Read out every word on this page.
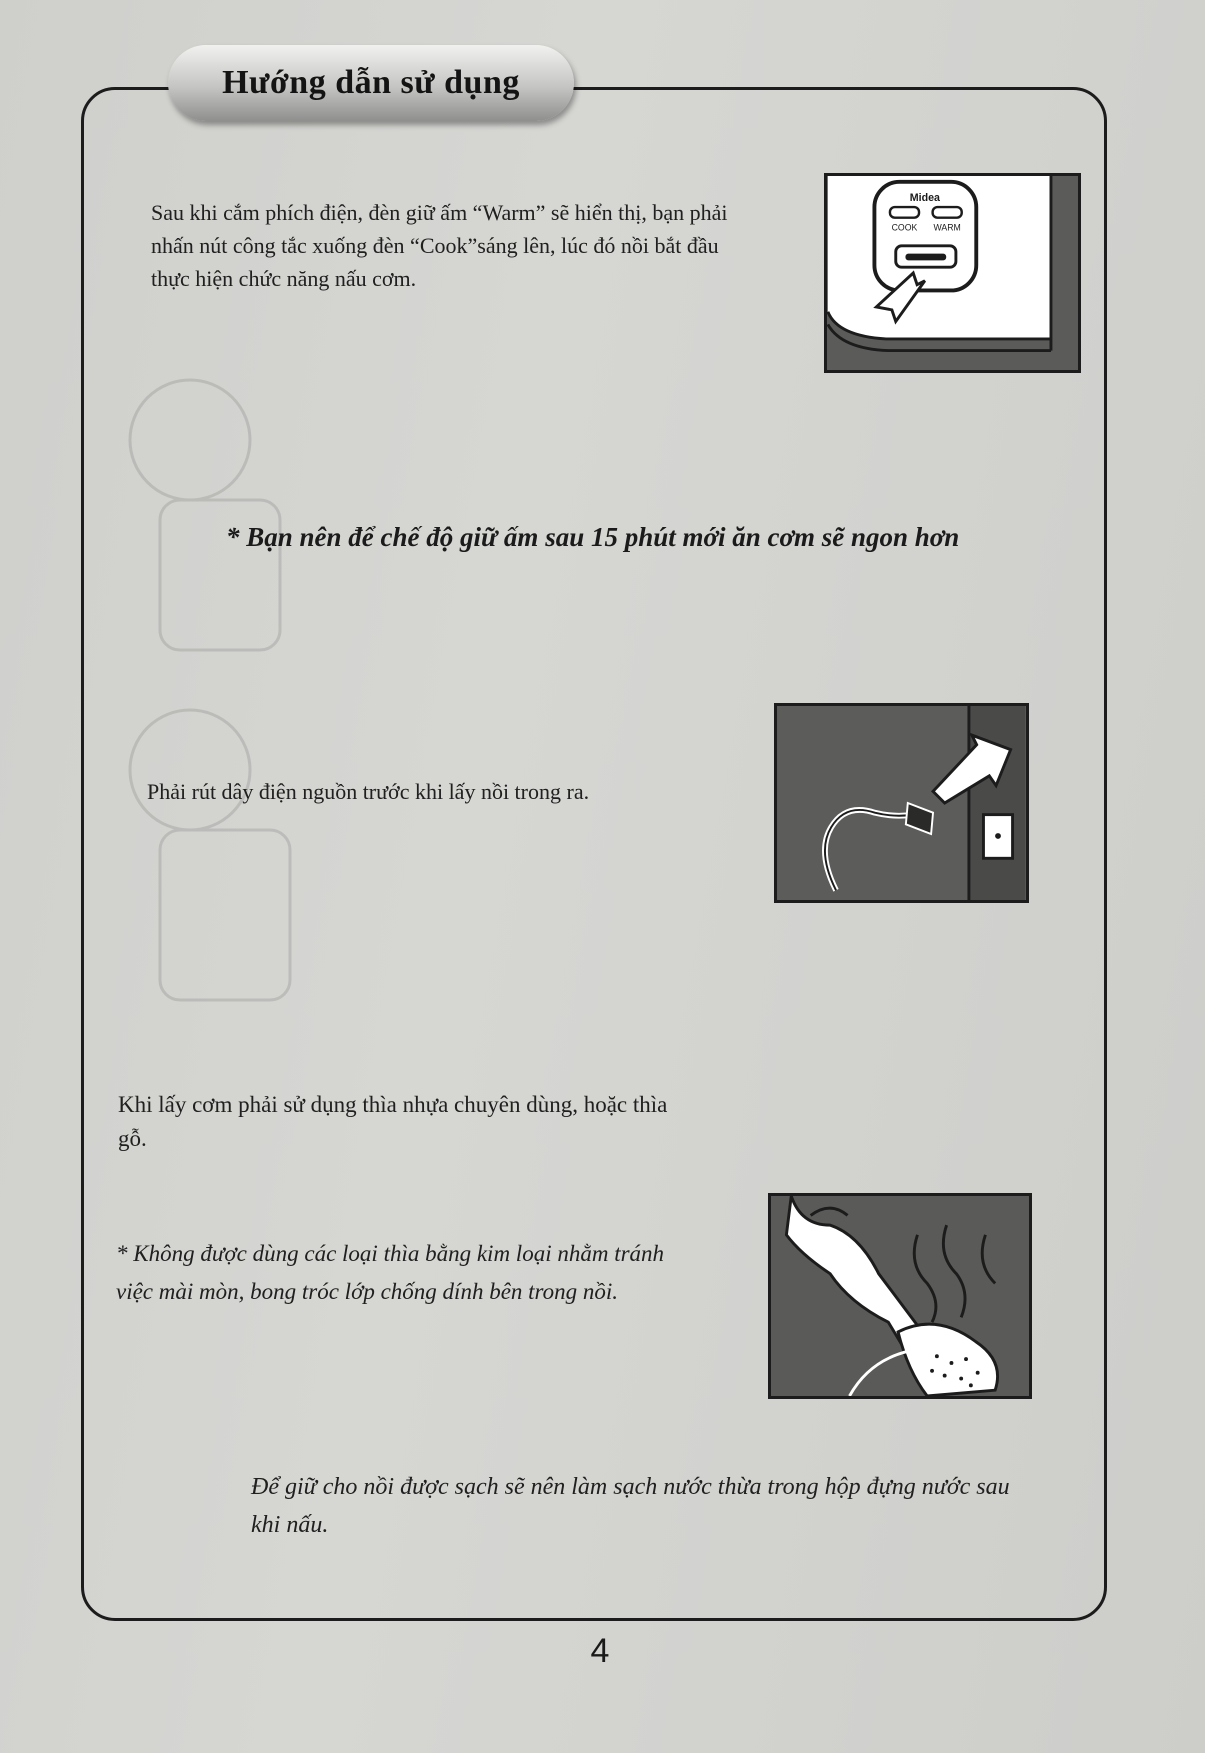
Hướng dẫn sử dụng

Sau khi cắm phích điện, đèn giữ ấm “Warm” sẽ hiển thị, bạn phải nhấn nút công tắc xuống đèn “Cook”sáng lên, lúc đó nồi bắt đầu thực hiện chức năng nấu cơm.

Midea
COOK WARM
* Bạn nên để chế độ giữ ấm sau 15 phút mới ăn cơm sẽ ngon hơn

Phải rút dây điện nguồn trước khi lấy nồi trong ra.

Khi lấy cơm phải sử dụng thìa nhựa chuyên dùng, hoặc thìa gỗ.

* Không được dùng các loại thìa bằng kim loại nhằm tránh việc mài mòn, bong tróc lớp chống dính bên trong nồi.

Để giữ cho nồi được sạch sẽ nên làm sạch nước thừa trong hộp đựng nước sau khi nấu.

4
